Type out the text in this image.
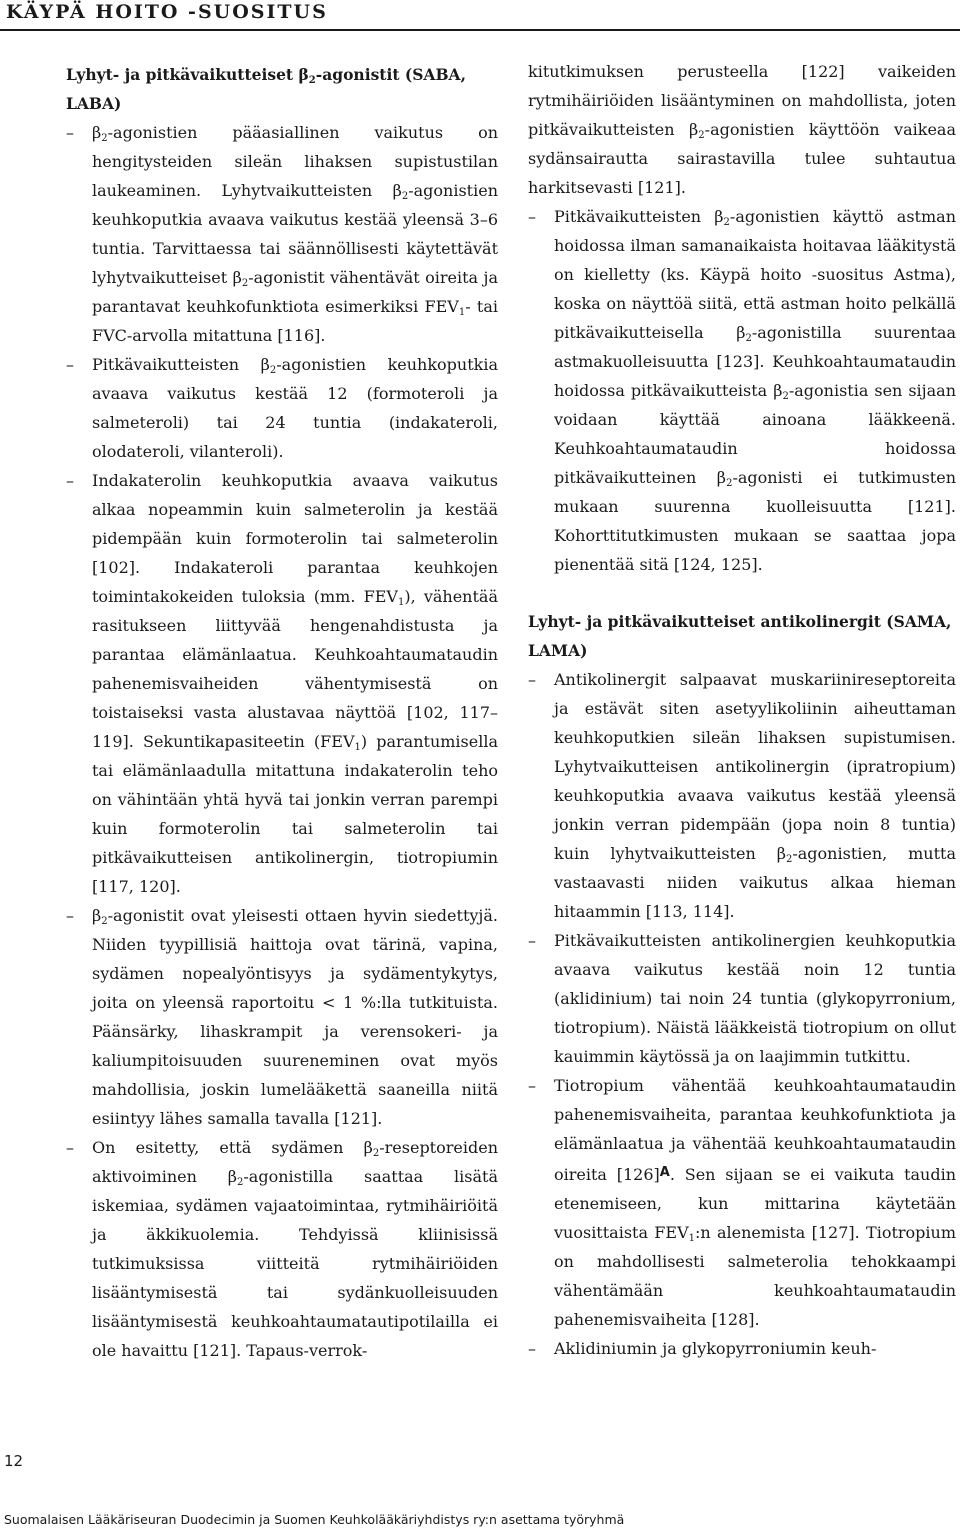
KÄYPÄ HOITO -SUOSITUS

Lyhyt- ja pitkävaikutteiset $\beta_2$-agonistit (SABA, LABA)

–	$\beta_2$-agonistien pääasiallinen vaikutus on hengitysteiden sileän lihaksen supistustilan laukeaminen. Lyhytvaikutteisten $\beta_2$-agonistien keuhkoputkia avaava vaikutus kestää yleensä 3–6 tuntia. Tarvittaessa tai säännöllisesti käytettävät lyhytvaikutteiset $\beta_2$-agonistit vähentävät oireita ja parantavat keuhkofunktiota esimerkiksi $FEV_1-$ tai FVC-arvolla mitattuna [116].
–	Pitkävaikutteisten $\beta_2$-agonistien keuhkoputkia avaava vaikutus kestää 12 (formoteroli ja salmeteroli) tai 24 tuntia (indakateroli, olodateroli, vilanteroli).
–	Indakaterolin keuhkoputkia avaava vaikutus alkaa nopeammin kuin salmeterolin ja kestää pidempään kuin formoterolin tai salmeterolin [102]. Indakateroli parantaa keuhkojen toimintakokeiden tuloksia (mm. $FEV_1$), vähentää rasitukseen liittyvää hengenahdistusta ja parantaa elämänlaatua. Keuhkoahtaumataudin pahenemisvaiheiden vähentymisestä on toistaiseksi vasta alustavaa näyttöä [102, 117–119]. Sekuntikapasiteetin $(FEV_1)$ parantumisella tai elämänlaadulla mitattuna indakaterolin teho on vähintään yhtä hyvä tai jonkin verran parempi kuin formoterolin tai salmeterolin tai pitkävaikutteisen antikolinergin, tiotropiumin [117, 120].
–	$\beta_2$-agonistit ovat yleisesti ottaen hyvin siedettyjä. Niiden tyypillisiä haittoja ovat tärinä, vapina, sydämen nopealyöntisyys ja sydämentykytys, joita on yleensä raportoitu < 1 %:lla tutkituista. Päänsärky, lihaskrampit ja verensokeri- ja kaliumpitoisuuden suureneminen ovat myös mahdollisia, joskin lumelääkettä saaneilla niitä esiintyy lähes samalla tavalla [121].
–	On esitetty, että sydämen $\beta_2$-reseptoreiden aktivoiminen $\beta_2$-agonistilla saattaa lisätä iskemiaa, sydämen vajaatoimintaa, rytmihäiriöitä ja äkkikuolemia. Tehdyissä kliinisissä tutkimuksissa viitteitä rytmihäiriöiden lisääntymisestä tai sydänkuolleisuuden lisääntymisestä keuhkoahtaumatautipotilailla ei ole havaittu [121]. Tapaus-verrok-

kitutkimuksen perusteella [122] vaikeiden rytmihäiriöiden lisääntyminen on mahdollista, joten pitkävaikutteisten $\beta_2$-agonistien käyttöön vaikeaa sydänsairautta sairastavilla tulee suhtautua harkitsevasti [121].

–	Pitkävaikutteisten $\beta_2$-agonistien käyttö astman hoidossa ilman samanaikaista hoitavaa lääkitystä on kielletty (ks. Käypä hoito -suositus Astma), koska on näyttöä siitä, että astman hoito pelkällä pitkävaikutteisella $\beta_2$-agonistilla suurentaa astmakuolleisuutta [123]. Keuhkoahtaumataudin hoidossa pitkävaikutteista $\beta_2$-agonistia sen sijaan voidaan käyttää ainoana lääkkeenä. Keuhkoahtaumataudin hoidossa pitkävaikutteinen $\beta_2$-agonisti ei tutkimusten mukaan suurenna kuolleisuutta [121]. Kohorttitutkimusten mukaan se saattaa jopa pienentää sitä [124, 125].

Lyhyt- ja pitkävaikutteiset antikolinergit (SAMA, LAMA)

–	Antikolinergit salpaavat muskariinireseptoreita ja estävät siten asetyylikoliinin aiheuttaman keuhkoputkien sileän lihaksen supistumisen. Lyhytvaikutteisen antikolinergin (ipratropium) keuhkoputkia avaava vaikutus kestää yleensä jonkin verran pidempään (jopa noin 8 tuntia) kuin lyhytvaikutteisten $\beta_2$-agonistien, mutta vastaavasti niiden vaikutus alkaa hieman hitaammin [113, 114].
–	Pitkävaikutteisten antikolinergien keuhkoputkia avaava vaikutus kestää noin 12 tuntia (aklidinium) tai noin 24 tuntia (glykopyrronium, tiotropium). Näistä lääkkeistä tiotropium on ollut kauimmin käytössä ja on laajimmin tutkittu.
–	Tiotropium vähentää keuhkoahtaumataudin pahenemisvaiheita, parantaa keuhkofunktiota ja elämänlaatua ja vähentää keuhkoahtaumataudin oireita $[126]^A$. Sen sijaan se ei vaikuta taudin etenemiseen, kun mittarina käytetään vuosittaista $FEV_1:n$ alenemista [127]. Tiotropium on mahdollisesti salmeterolia tehokkaampi vähentämään keuhkoahtaumataudin pahenemisvaiheita [128].
–	Aklidiniumin ja glykopyrroniumin keuh-
12
Suomalaisen Lääkäriseuran Duodecimin ja Suomen Keuhkolääkäriyhdistys ry:n asettama työryhmä
